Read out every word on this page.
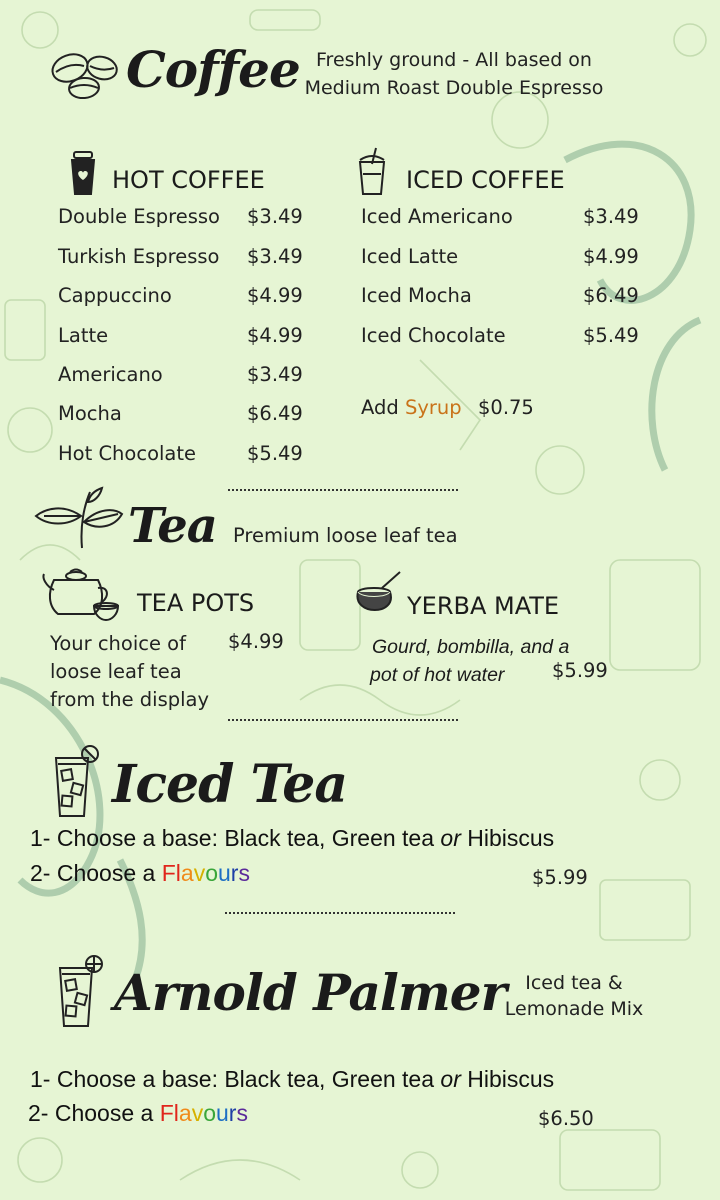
Coffee Freshly ground - All based on
Medium Roast Double Espresso
HOT COFFEE
Double Espresso $3.49
Turkish Espresso $3.49
Cappuccino	$4.99
Latte	$4.99
Americano	$3.49
Mocha	$6.49
Hot Chocolate	$5.49
ICED COFFEE
Iced Americano	$3.49
Iced Latte	$4.99
Iced Mocha	$6.49
Iced Chocolate	$5.49
Add Syrup $0.75
Tea Premium loose leaf tea
TEA POTS
Your choice of
loose leaf tea
from the display
$4.99
YERBA MATE
Gourd, bombilla, and a
pot of hot water $5.99
Iced Tea
1- Choose a base: Black tea, Green tea or Hibiscus
2- Choose a Flavours	$5.99
Arnold Palmer	Iced tea &
Lemonade Mix
1- Choose a base: Black tea, Green tea or Hibiscus
2- Choose a Flavours	$6.50
